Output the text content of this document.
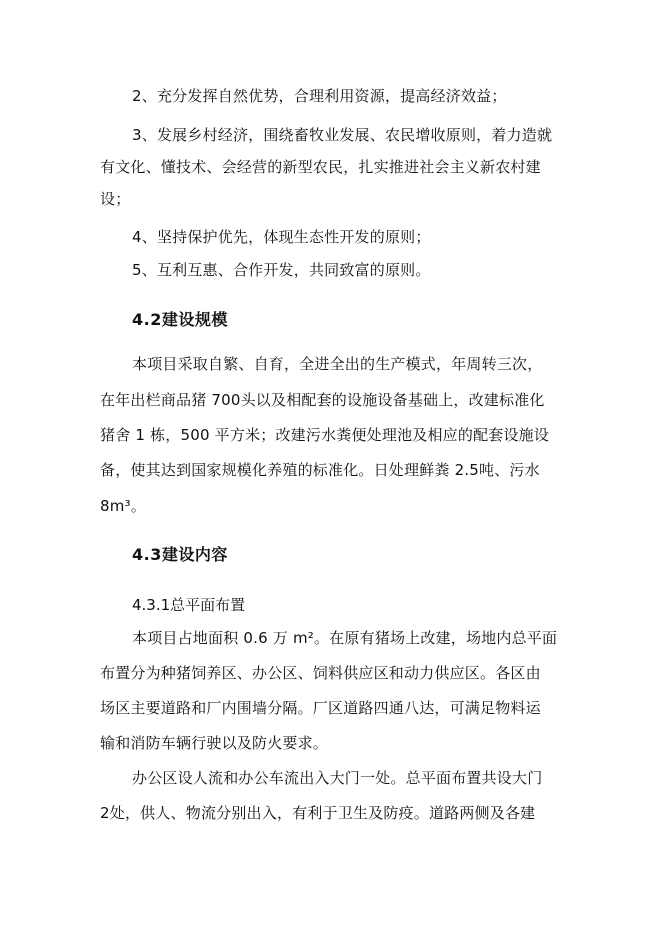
2、充分发挥自然优势，合理利用资源，提高经济效益；
3、发展乡村经济，围绕畜牧业发展、农民增收原则，着力造就
有文化、懂技术、会经营的新型农民，扎实推进社会主义新农村建
设；
4、坚持保护优先，体现生态性开发的原则；
5、互利互惠、合作开发，共同致富的原则。
4.2建设规模
本项目采取自繁、自育，全进全出的生产模式，年周转三次，
在年出栏商品猪 700头以及相配套的设施设备基础上，改建标准化
猪舍 1 栋，500 平方米；改建污水粪便处理池及相应的配套设施设
备，使其达到国家规模化养殖的标准化。日处理鲜粪 2.5吨、污水
8m³。
4.3建设内容
4.3.1总平面布置
本项目占地面积 0.6 万 m²。在原有猪场上改建，场地内总平面
布置分为种猪饲养区、办公区、饲料供应区和动力供应区。各区由
场区主要道路和厂内围墙分隔。厂区道路四通八达，可满足物料运
输和消防车辆行驶以及防火要求。
办公区设人流和办公车流出入大门一处。总平面布置共设大门
2处，供人、物流分别出入，有利于卫生及防疫。道路两侧及各建
